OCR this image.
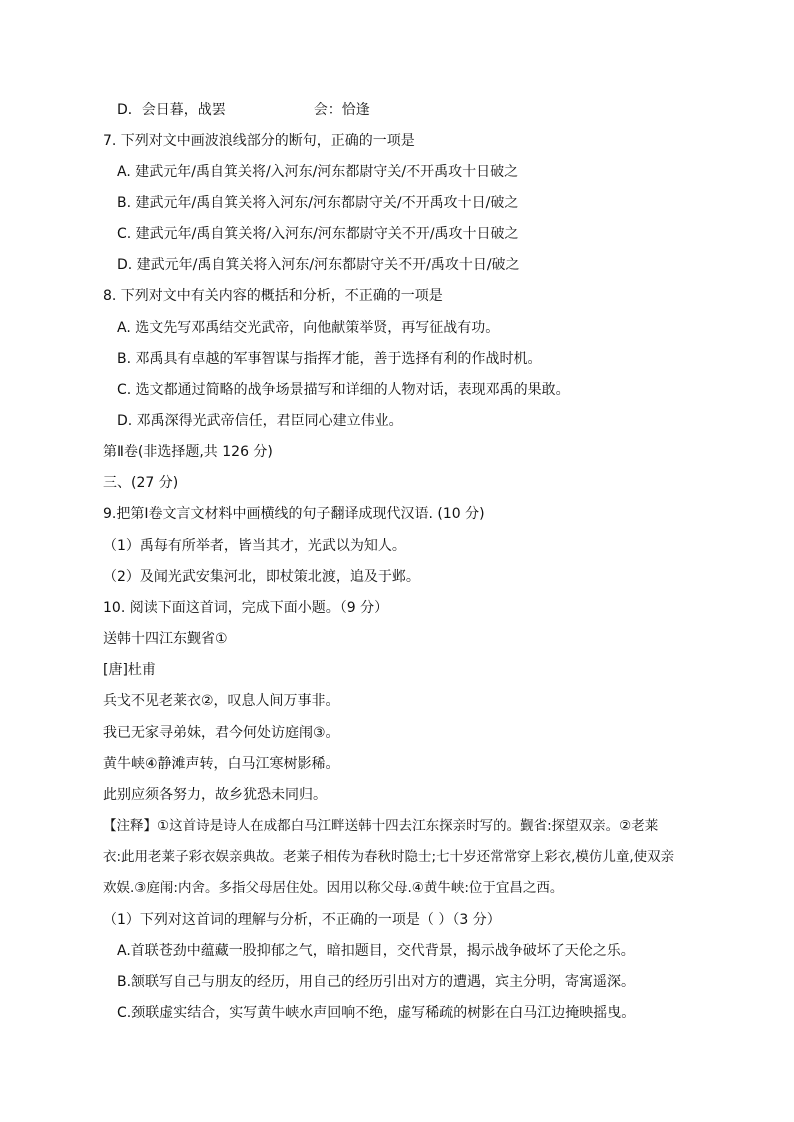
D．会日暮，战罢	会：恰逢
7. 下列对文中画波浪线部分的断句，正确的一项是
A. 建武元年/禹自箕关将/入河东/河东都尉守关/不开禹攻十日破之
B. 建武元年/禹自箕关将入河东/河东都尉守关/不开禹攻十日/破之
C. 建武元年/禹自箕关将/入河东/河东都尉守关不开/禹攻十日破之
D. 建武元年/禹自箕关将入河东/河东都尉守关不开/禹攻十日/破之
8. 下列对文中有关内容的概括和分析，不正确的一项是
A. 选文先写邓禹结交光武帝，向他献策举贤，再写征战有功。
B. 邓禹具有卓越的军事智谋与指挥才能，善于选择有利的作战时机。
C. 选文都通过简略的战争场景描写和详细的人物对话，表现邓禹的果敢。
D. 邓禹深得光武帝信任，君臣同心建立伟业。
第Ⅱ卷(非选择题,共 126 分)
三、(27 分)
9.把第Ⅰ卷文言文材料中画横线的句子翻译成现代汉语. (10 分)
（1）禹每有所举者，皆当其才，光武以为知人。
（2）及闻光武安集河北，即杖策北渡，追及于邺。
10. 阅读下面这首词，完成下面小题。（9 分）
送韩十四江东觐省①
[唐]杜甫
兵戈不见老莱衣②，叹息人间万事非。
我已无家寻弟妹，君今何处访庭闱③。
黄牛峡④静滩声转，白马江寒树影稀。
此别应须各努力，故乡犹恐未同归。
【注释】①这首诗是诗人在成都白马江畔送韩十四去江东探亲时写的。觐省:探望双亲。②老莱
衣:此用老莱子彩衣娱亲典故。老莱子相传为春秋时隐士;七十岁还常常穿上彩衣,模仿儿童,使双亲
欢娱.③庭闱:内舍。多指父母居住处。因用以称父母.④黄牛峡:位于宜昌之西。
（1）下列对这首词的理解与分析，不正确的一项是（ ）（3 分）
A.首联苍劲中蕴藏一股抑郁之气，暗扣题目，交代背景，揭示战争破坏了天伦之乐。
B.颔联写自己与朋友的经历，用自己的经历引出对方的遭遇，宾主分明，寄寓遥深。
C.颈联虚实结合，实写黄牛峡水声回响不绝，虚写稀疏的树影在白马江边掩映摇曳。
